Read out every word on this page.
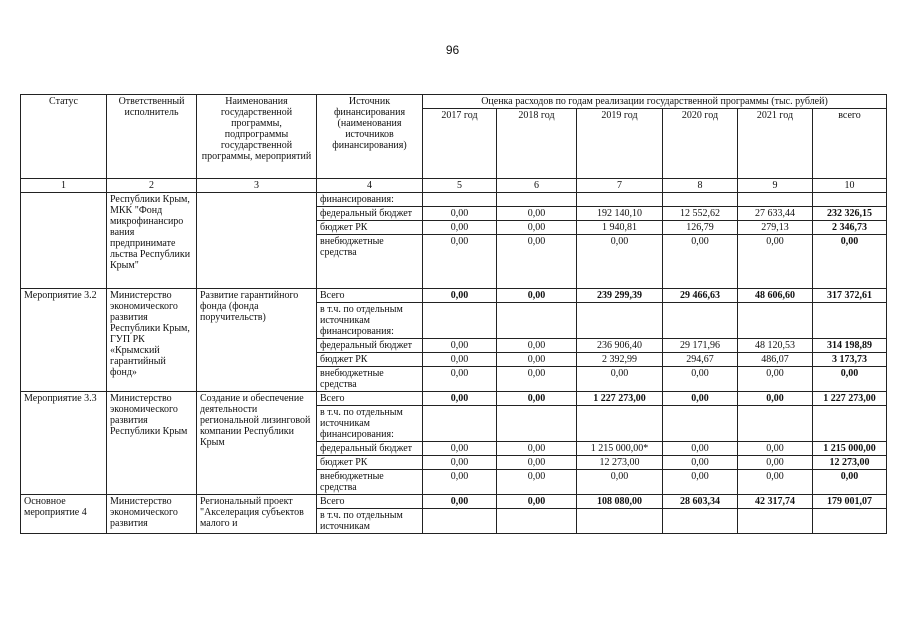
96
Статус	Ответственный исполнитель	Наименования государственной программы, подпрограммы государственной программы, мероприятий	Источник финансирования (наименования источников финансирования)	Оценка расходов по годам реализации государственной программы (тыс. рублей)					
				2017 год	2018 год	2019 год	2020 год	2021 год	всего
1	2	3	4	5	6	7	8	9	10
	Республики Крым, МКК "Фонд микрофинансиро вания предпринимате льства Республики Крым"		финансирования:						
			федеральный бюджет	0,00	0,00	192 140,10	12 552,62	27 633,44	232 326,15
			бюджет РК	0,00	0,00	1 940,81	126,79	279,13	2 346,73
			внебюджетные средства	0,00	0,00	0,00	0,00	0,00	0,00
Мероприятие 3.2	Министерство экономического развития Республики Крым, ГУП РК «Крымский гарантийный фонд»	Развитие гарантийного фонда (фонда поручительств)	Всего	0,00	0,00	239 299,39	29 466,63	48 606,60	317 372,61
			в т.ч. по отдельным источникам финансирования:						
			федеральный бюджет	0,00	0,00	236 906,40	29 171,96	48 120,53	314 198,89
			бюджет РК	0,00	0,00	2 392,99	294,67	486,07	3 173,73
			внебюджетные средства	0,00	0,00	0,00	0,00	0,00	0,00
Мероприятие 3.3	Министерство экономического развития Республики Крым	Создание и обеспечение деятельности региональной лизинговой компании Республики Крым	Всего	0,00	0,00	1 227 273,00	0,00	0,00	1 227 273,00
			в т.ч. по отдельным источникам финансирования:						
			федеральный бюджет	0,00	0,00	1 215 000,00*	0,00	0,00	1 215 000,00
			бюджет РК	0,00	0,00	12 273,00	0,00	0,00	12 273,00
			внебюджетные средства	0,00	0,00	0,00	0,00	0,00	0,00
Основное мероприятие 4	Министерство экономического развития	Региональный проект "Акселерация субъектов малого и	Всего	0,00	0,00	108 080,00	28 603,34	42 317,74	179 001,07
			в т.ч. по отдельным источникам						
